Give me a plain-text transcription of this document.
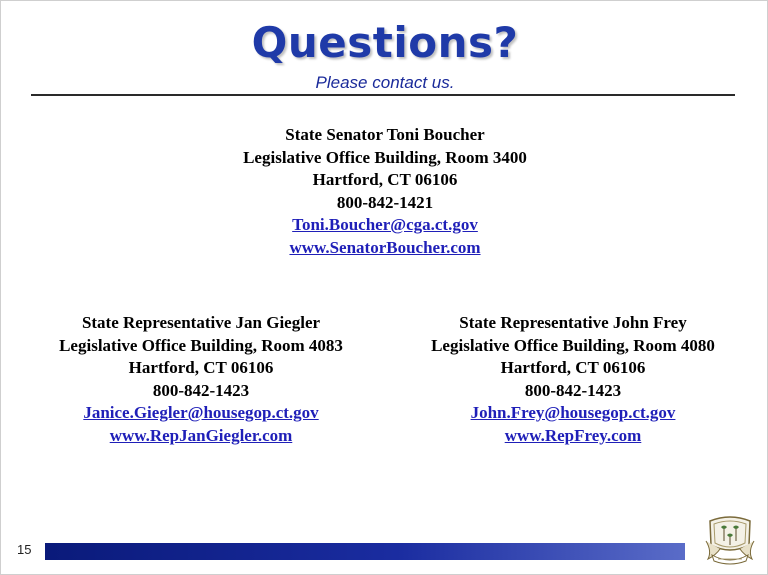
Questions?
Please contact us.
State Senator Toni Boucher
Legislative Office Building, Room 3400
Hartford, CT 06106
800-842-1421
Toni.Boucher@cga.ct.gov
www.SenatorBoucher.com
State Representative Jan Giegler
Legislative Office Building, Room 4083
Hartford, CT 06106
800-842-1423
Janice.Giegler@housegop.ct.gov
www.RepJanGiegler.com
State Representative John Frey
Legislative Office Building, Room 4080
Hartford, CT 06106
800-842-1423
John.Frey@housegop.ct.gov
www.RepFrey.com
15
